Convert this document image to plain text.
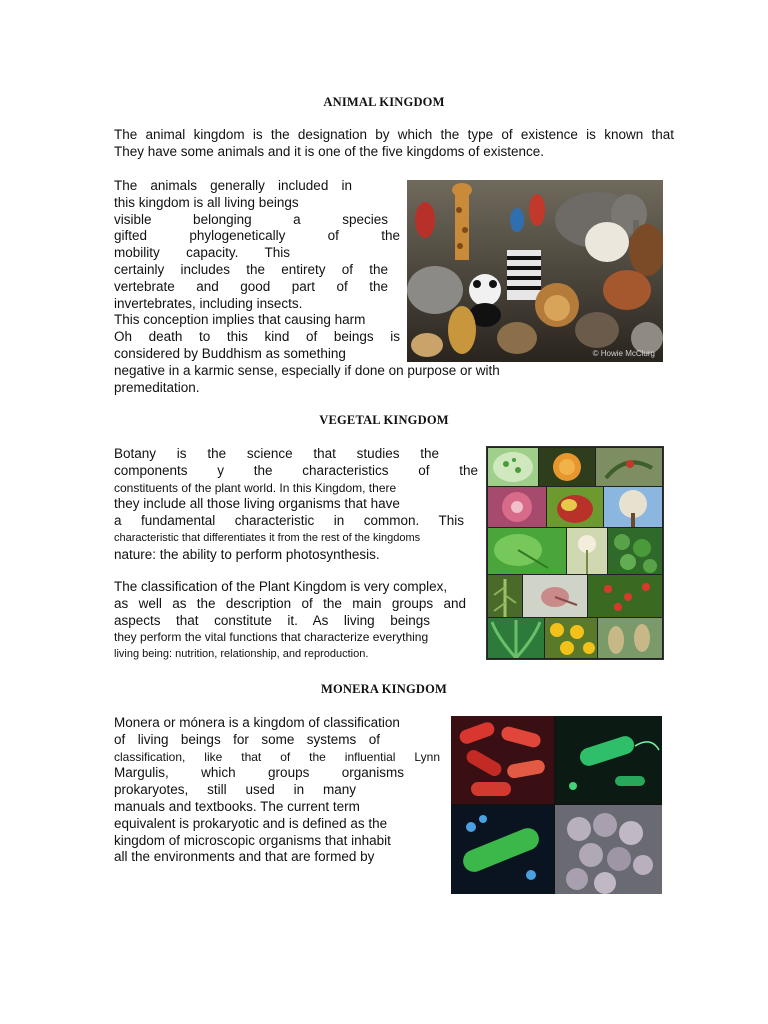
ANIMAL KINGDOM
The animal kingdom is the designation by which the type of existence is known that
They have some animals and it is one of the five kingdoms of existence.
The animals generally included in
this kingdom is all living beings
visible belonging a species
gifted phylogenetically of the
mobility capacity. This
certainly includes the entirety of the
vertebrate and good part of the
invertebrates, including insects.
This conception implies that causing harm
Oh death to this kind of beings is
considered by Buddhism as something
negative in a karmic sense, especially if done on purpose or with
premeditation.
© Howie McClurg
VEGETAL KINGDOM
Botany is the science that studies the
components y the characteristics of the
constituents of the plant world. In this Kingdom, there
they include all those living organisms that have
a fundamental characteristic in common. This
characteristic that differentiates it from the rest of the kingdoms
nature: the ability to perform photosynthesis.
The classification of the Plant Kingdom is very complex,
as well as the description of the main groups and
aspects that constitute it. As living beings
they perform the vital functions that characterize everything
living being: nutrition, relationship, and reproduction.
MONERA KINGDOM
Monera or mónera is a kingdom of classification
of living beings for some systems of
classification, like that of the influential Lynn
Margulis, which groups organisms
prokaryotes, still used in many
manuals and textbooks. The current term
equivalent is prokaryotic and is defined as the
kingdom of microscopic organisms that inhabit
all the environments and that are formed by
